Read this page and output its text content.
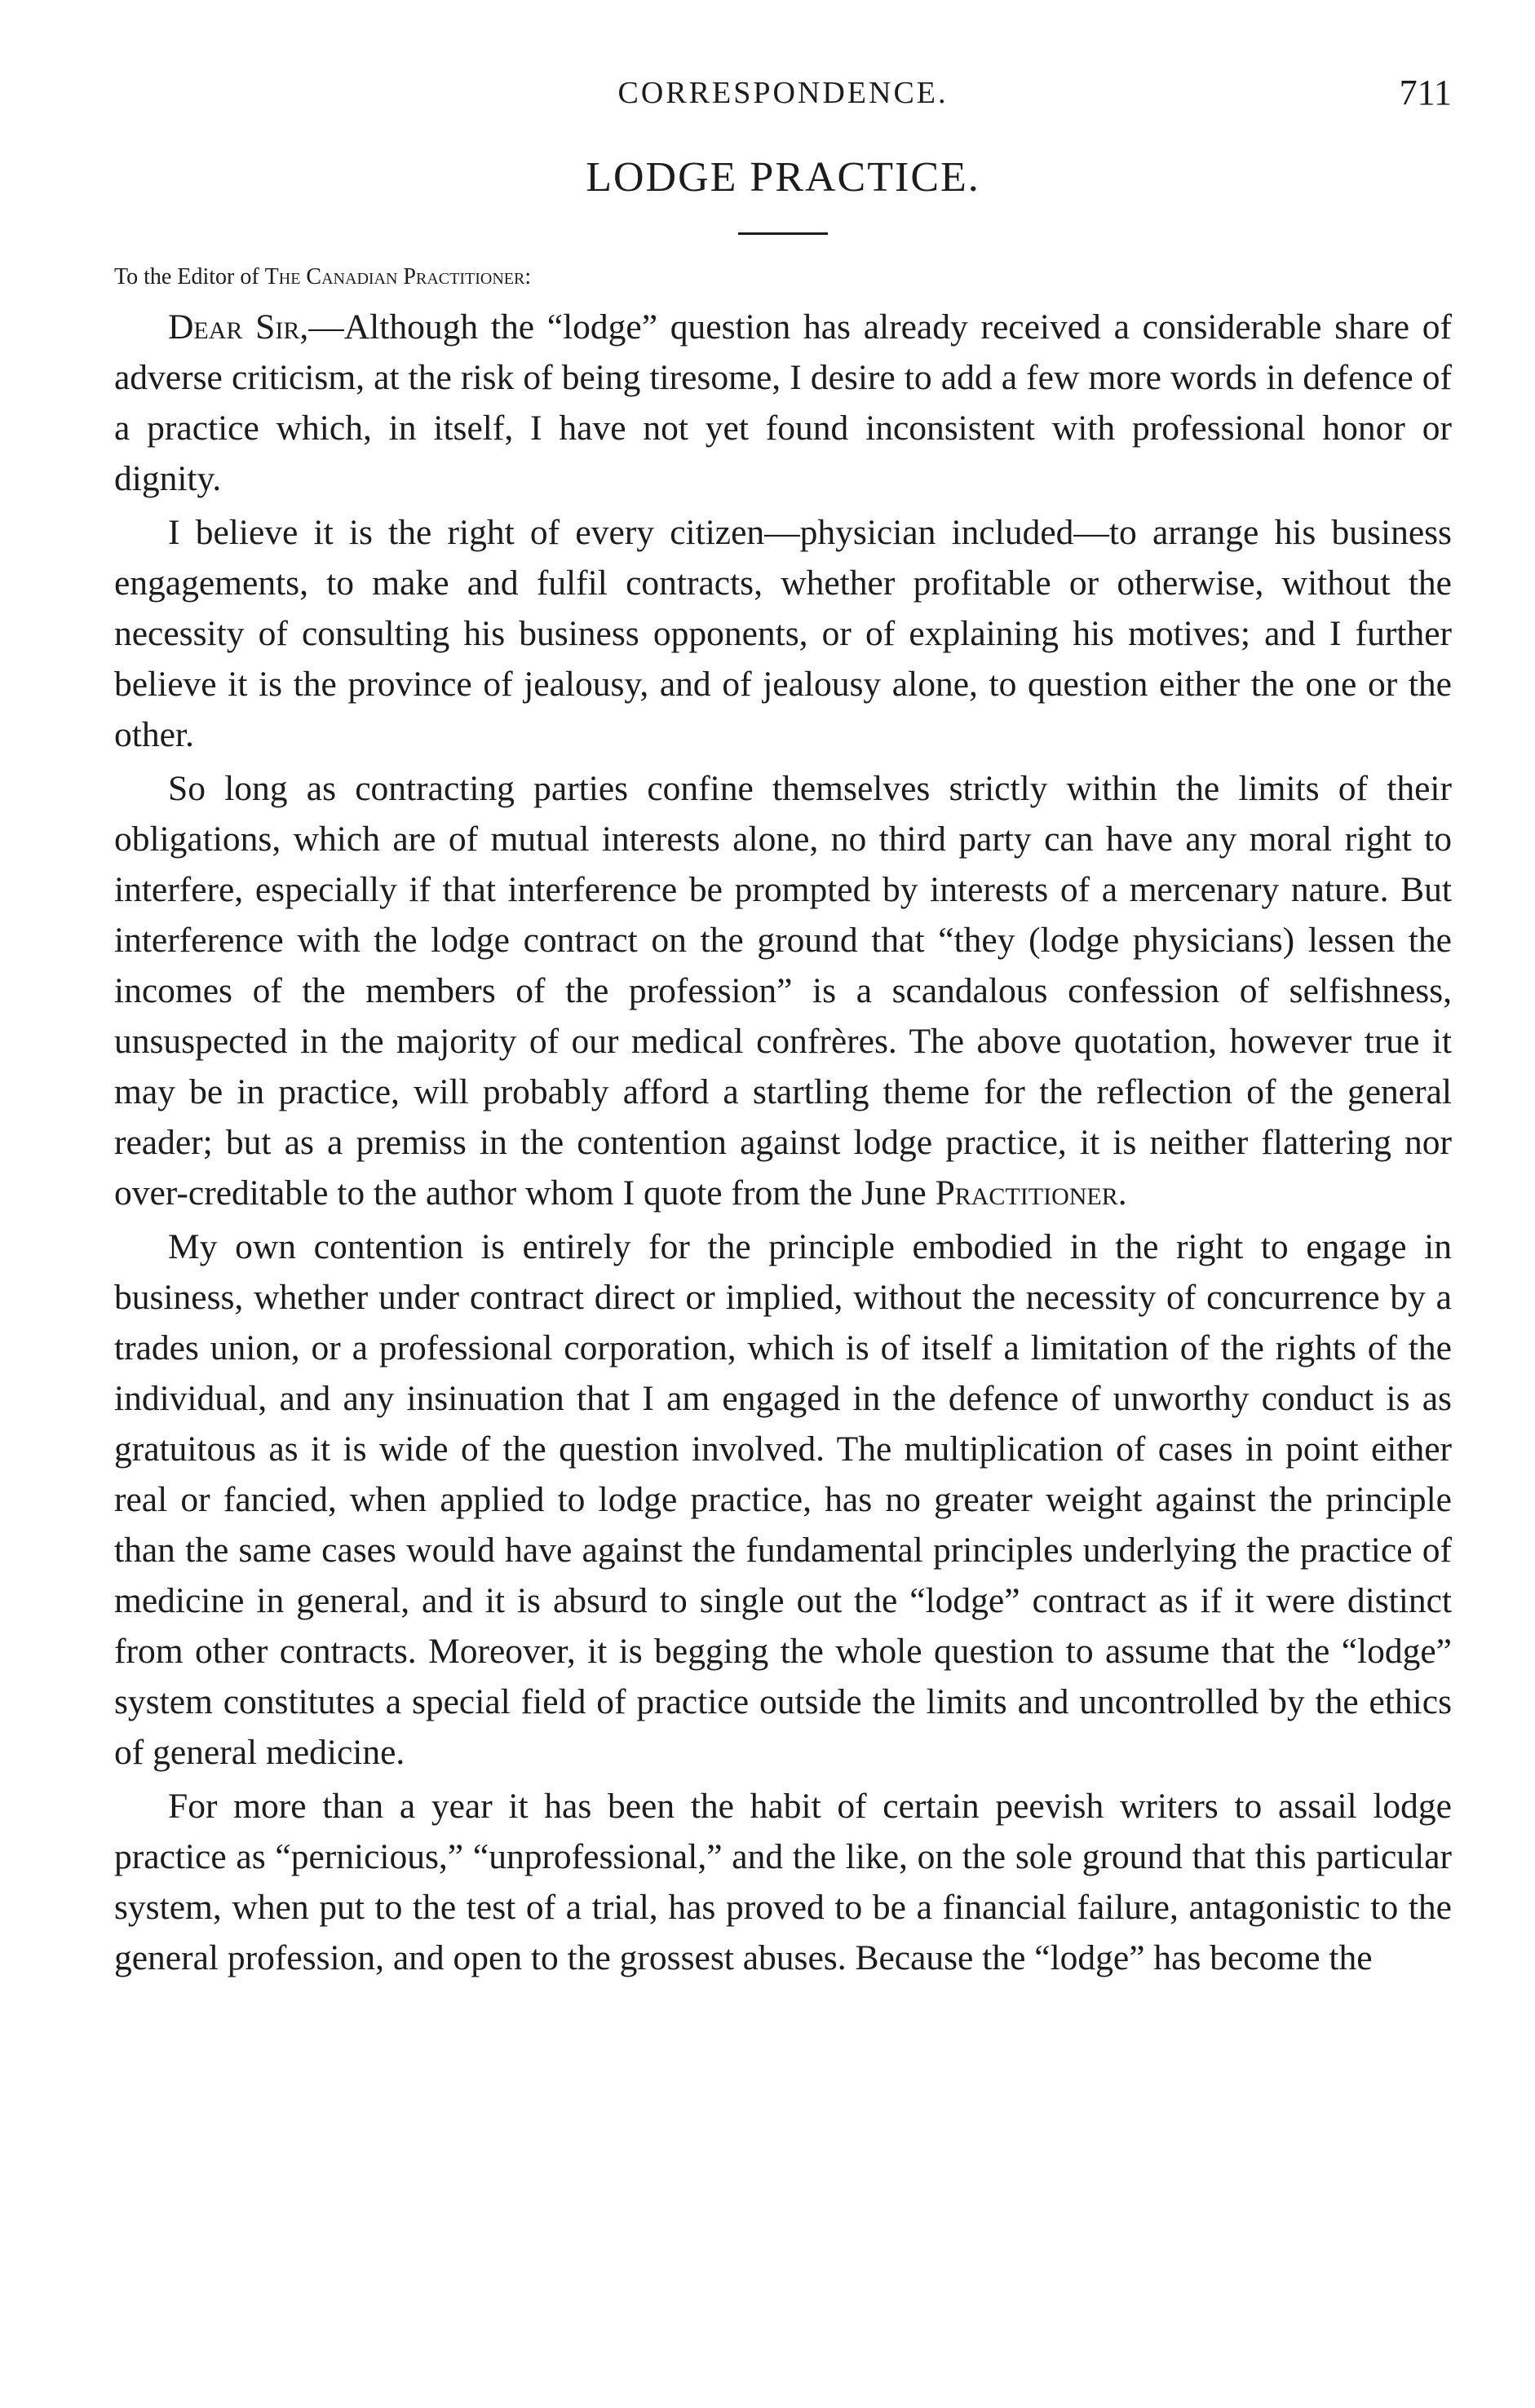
CORRESPONDENCE.	711
LODGE PRACTICE.
To the Editor of The Canadian Practitioner:

Dear Sir,—Although the “lodge” question has already received a considerable share of adverse criticism, at the risk of being tiresome, I desire to add a few more words in defence of a practice which, in itself, I have not yet found inconsistent with professional honor or dignity.

I believe it is the right of every citizen—physician included—to arrange his business engagements, to make and fulfil contracts, whether profitable or otherwise, without the necessity of consulting his business opponents, or of explaining his motives; and I further believe it is the province of jealousy, and of jealousy alone, to question either the one or the other.

So long as contracting parties confine themselves strictly within the limits of their obligations, which are of mutual interests alone, no third party can have any moral right to interfere, especially if that interference be prompted by interests of a mercenary nature. But interference with the lodge contract on the ground that “they (lodge physicians) lessen the incomes of the members of the profession” is a scandalous confession of selfishness, unsuspected in the majority of our medical confrères. The above quotation, however true it may be in practice, will probably afford a startling theme for the reflection of the general reader; but as a premiss in the contention against lodge practice, it is neither flattering nor over-creditable to the author whom I quote from the June Practitioner.

My own contention is entirely for the principle embodied in the right to engage in business, whether under contract direct or implied, without the necessity of concurrence by a trades union, or a professional corporation, which is of itself a limitation of the rights of the individual, and any insinuation that I am engaged in the defence of unworthy conduct is as gratuitous as it is wide of the question involved. The multiplication of cases in point either real or fancied, when applied to lodge practice, has no greater weight against the principle than the same cases would have against the fundamental principles underlying the practice of medicine in general, and it is absurd to single out the “lodge” contract as if it were distinct from other contracts. Moreover, it is begging the whole question to assume that the “lodge” system constitutes a special field of practice outside the limits and uncontrolled by the ethics of general medicine.

For more than a year it has been the habit of certain peevish writers to assail lodge practice as “pernicious,” “unprofessional,” and the like, on the sole ground that this particular system, when put to the test of a trial, has proved to be a financial failure, antagonistic to the general profession, and open to the grossest abuses. Because the “lodge” has become the
